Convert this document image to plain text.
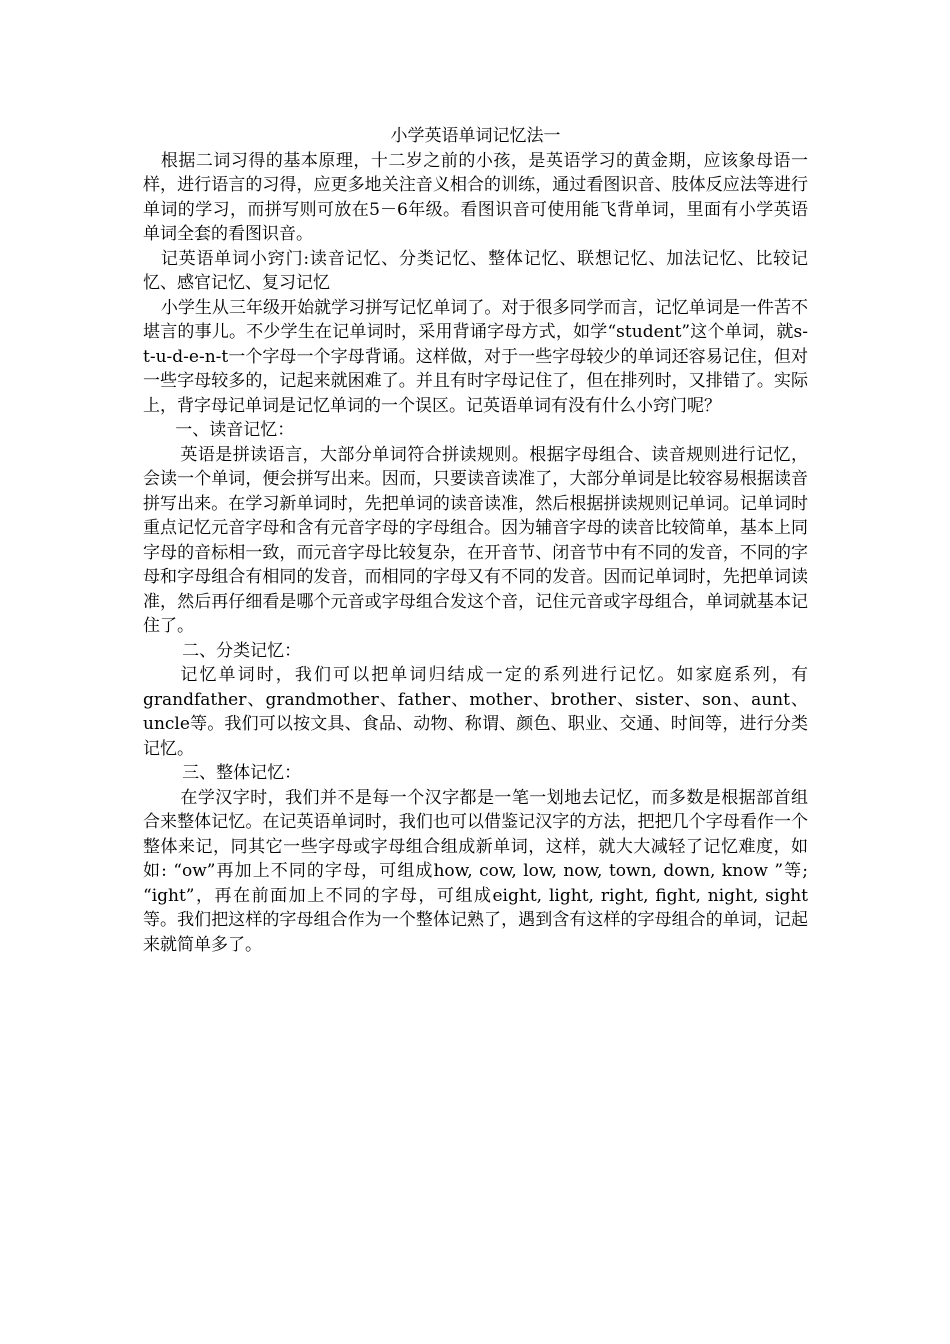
小学英语单词记忆法一

根据二词习得的基本原理，十二岁之前的小孩，是英语学习的黄金期，应该象母语一样，进行语言的习得，应更多地关注音义相合的训练，通过看图识音、肢体反应法等进行单词的学习，而拼写则可放在5－6年级。看图识音可使用能飞背单词，里面有小学英语单词全套的看图识音。

记英语单词小窍门:读音记忆、分类记忆、整体记忆、联想记忆、加法记忆、比较记忆、感官记忆、复习记忆

小学生从三年级开始就学习拼写记忆单词了。对于很多同学而言，记忆单词是一件苦不堪言的事儿。不少学生在记单词时，采用背诵字母方式，如学“student”这个单词，就s-t-u-d-e-n-t一个字母一个字母背诵。这样做，对于一些字母较少的单词还容易记住，但对一些字母较多的，记起来就困难了。并且有时字母记住了，但在排列时，又排错了。实际上，背字母记单词是记忆单词的一个误区。记英语单词有没有什么小窍门呢？

一、读音记忆：

英语是拼读语言，大部分单词符合拼读规则。根据字母组合、读音规则进行记忆，会读一个单词，便会拼写出来。因而，只要读音读准了，大部分单词是比较容易根据读音拼写出来。在学习新单词时，先把单词的读音读准，然后根据拼读规则记单词。记单词时重点记忆元音字母和含有元音字母的字母组合。因为辅音字母的读音比较简单，基本上同字母的音标相一致，而元音字母比较复杂，在开音节、闭音节中有不同的发音，不同的字母和字母组合有相同的发音，而相同的字母又有不同的发音。因而记单词时，先把单词读准，然后再仔细看是哪个元音或字母组合发这个音，记住元音或字母组合，单词就基本记住了。

二、分类记忆：

记忆单词时，我们可以把单词归结成一定的系列进行记忆。如家庭系列，有grandfather、grandmother、father、mother、brother、sister、son、aunt、uncle等。我们可以按文具、食品、动物、称谓、颜色、职业、交通、时间等，进行分类记忆。

三、整体记忆：

在学汉字时，我们并不是每一个汉字都是一笔一划地去记忆，而多数是根据部首组合来整体记忆。在记英语单词时，我们也可以借鉴记汉字的方法，把把几个字母看作一个整体来记，同其它一些字母或字母组合组成新单词，这样，就大大减轻了记忆难度，如如: “ow”再加上不同的字母，可组成how, cow, low, now, town, down, know ”等; “ight”，再在前面加上不同的字母，可组成eight, light, right, fight, night, sight等。我们把这样的字母组合作为一个整体记熟了，遇到含有这样的字母组合的单词，记起来就简单多了。
